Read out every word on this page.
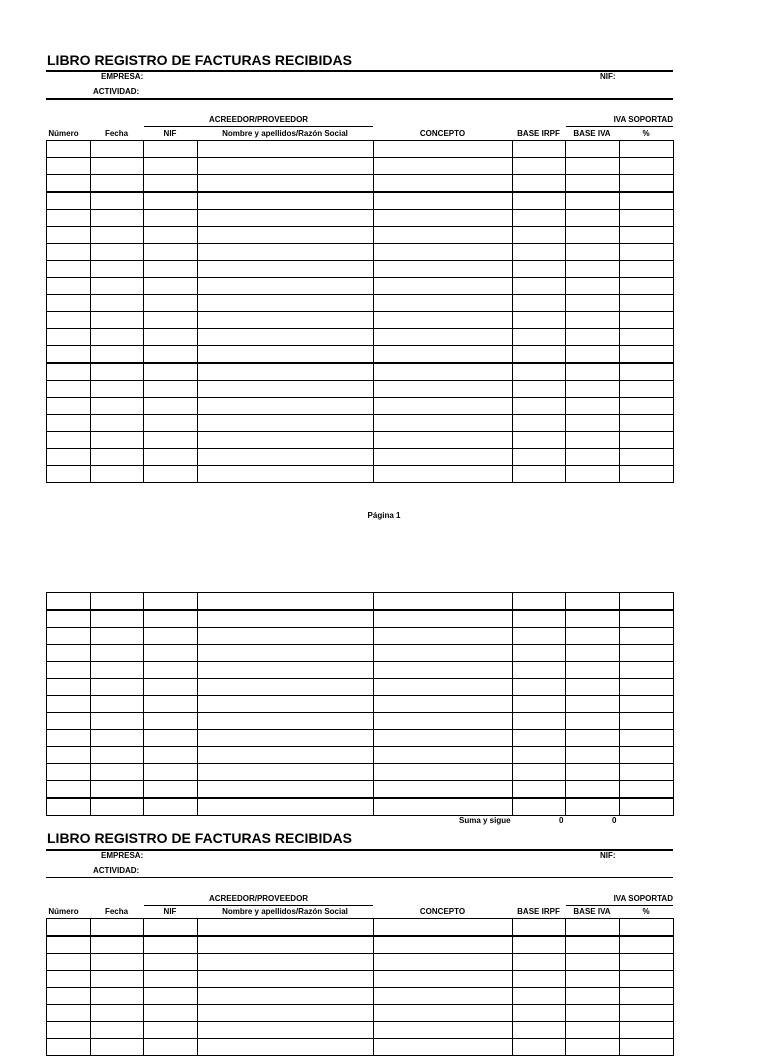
LIBRO REGISTRO DE FACTURAS RECIBIDAS
EMPRESA:	NIF:
ACTIVIDAD:
ACREEDOR/PROVEEDOR	IVA SOPORTAD
Número	Fecha	NIF	Nombre y apellidos/Razón Social	CONCEPTO	BASE IRPF	BASE IVA	%

Página 1

Suma y sigue	0	0
LIBRO REGISTRO DE FACTURAS RECIBIDAS
EMPRESA:	NIF:
ACTIVIDAD:
ACREEDOR/PROVEEDOR	IVA SOPORTAD
Número	Fecha	NIF	Nombre y apellidos/Razón Social	CONCEPTO	BASE IRPF	BASE IVA	%
